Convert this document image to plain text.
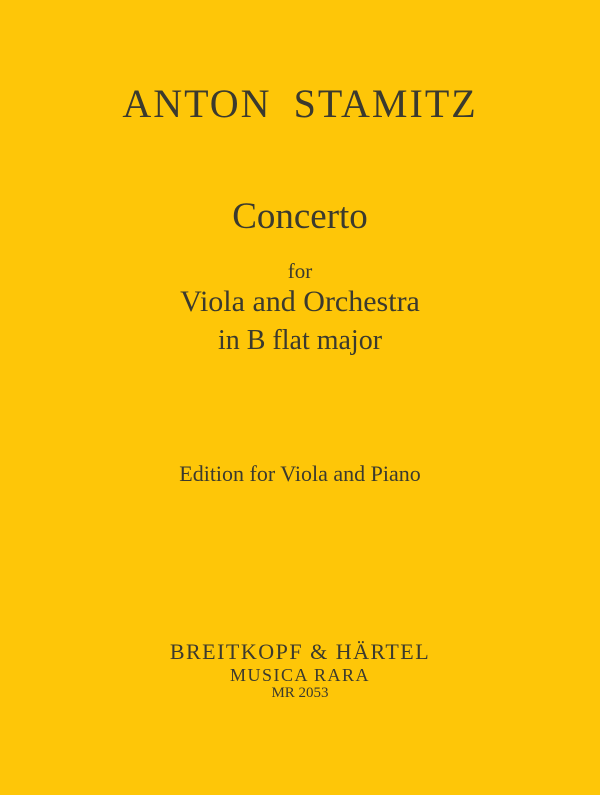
ANTON STAMITZ
Concerto
for
Viola and Orchestra
in B flat major
Edition for Viola and Piano
BREITKOPF & HÄRTEL
MUSICA RARA
MR 2053
